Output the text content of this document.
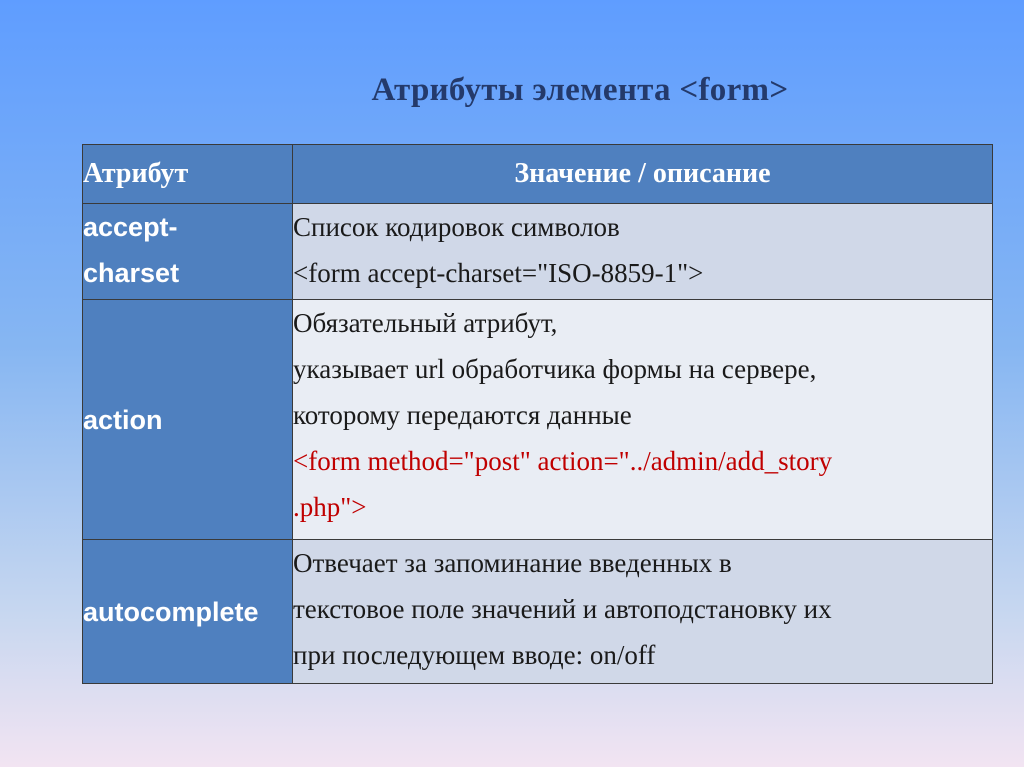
Атрибуты элемента <form>
Атрибут	Значение / описание

accept-
charset	Список кодировок символов
<form accept-charset="ISO-8859-1">

action	Обязательный атрибут,
указывает url обработчика формы на сервере,
которому передаются данные
<form method="post" action="../admin/add_story
.php">

autocomplete	Отвечает за запоминание введенных в
текстовое поле значений и автоподстановку их
при последующем вводе: on/off
